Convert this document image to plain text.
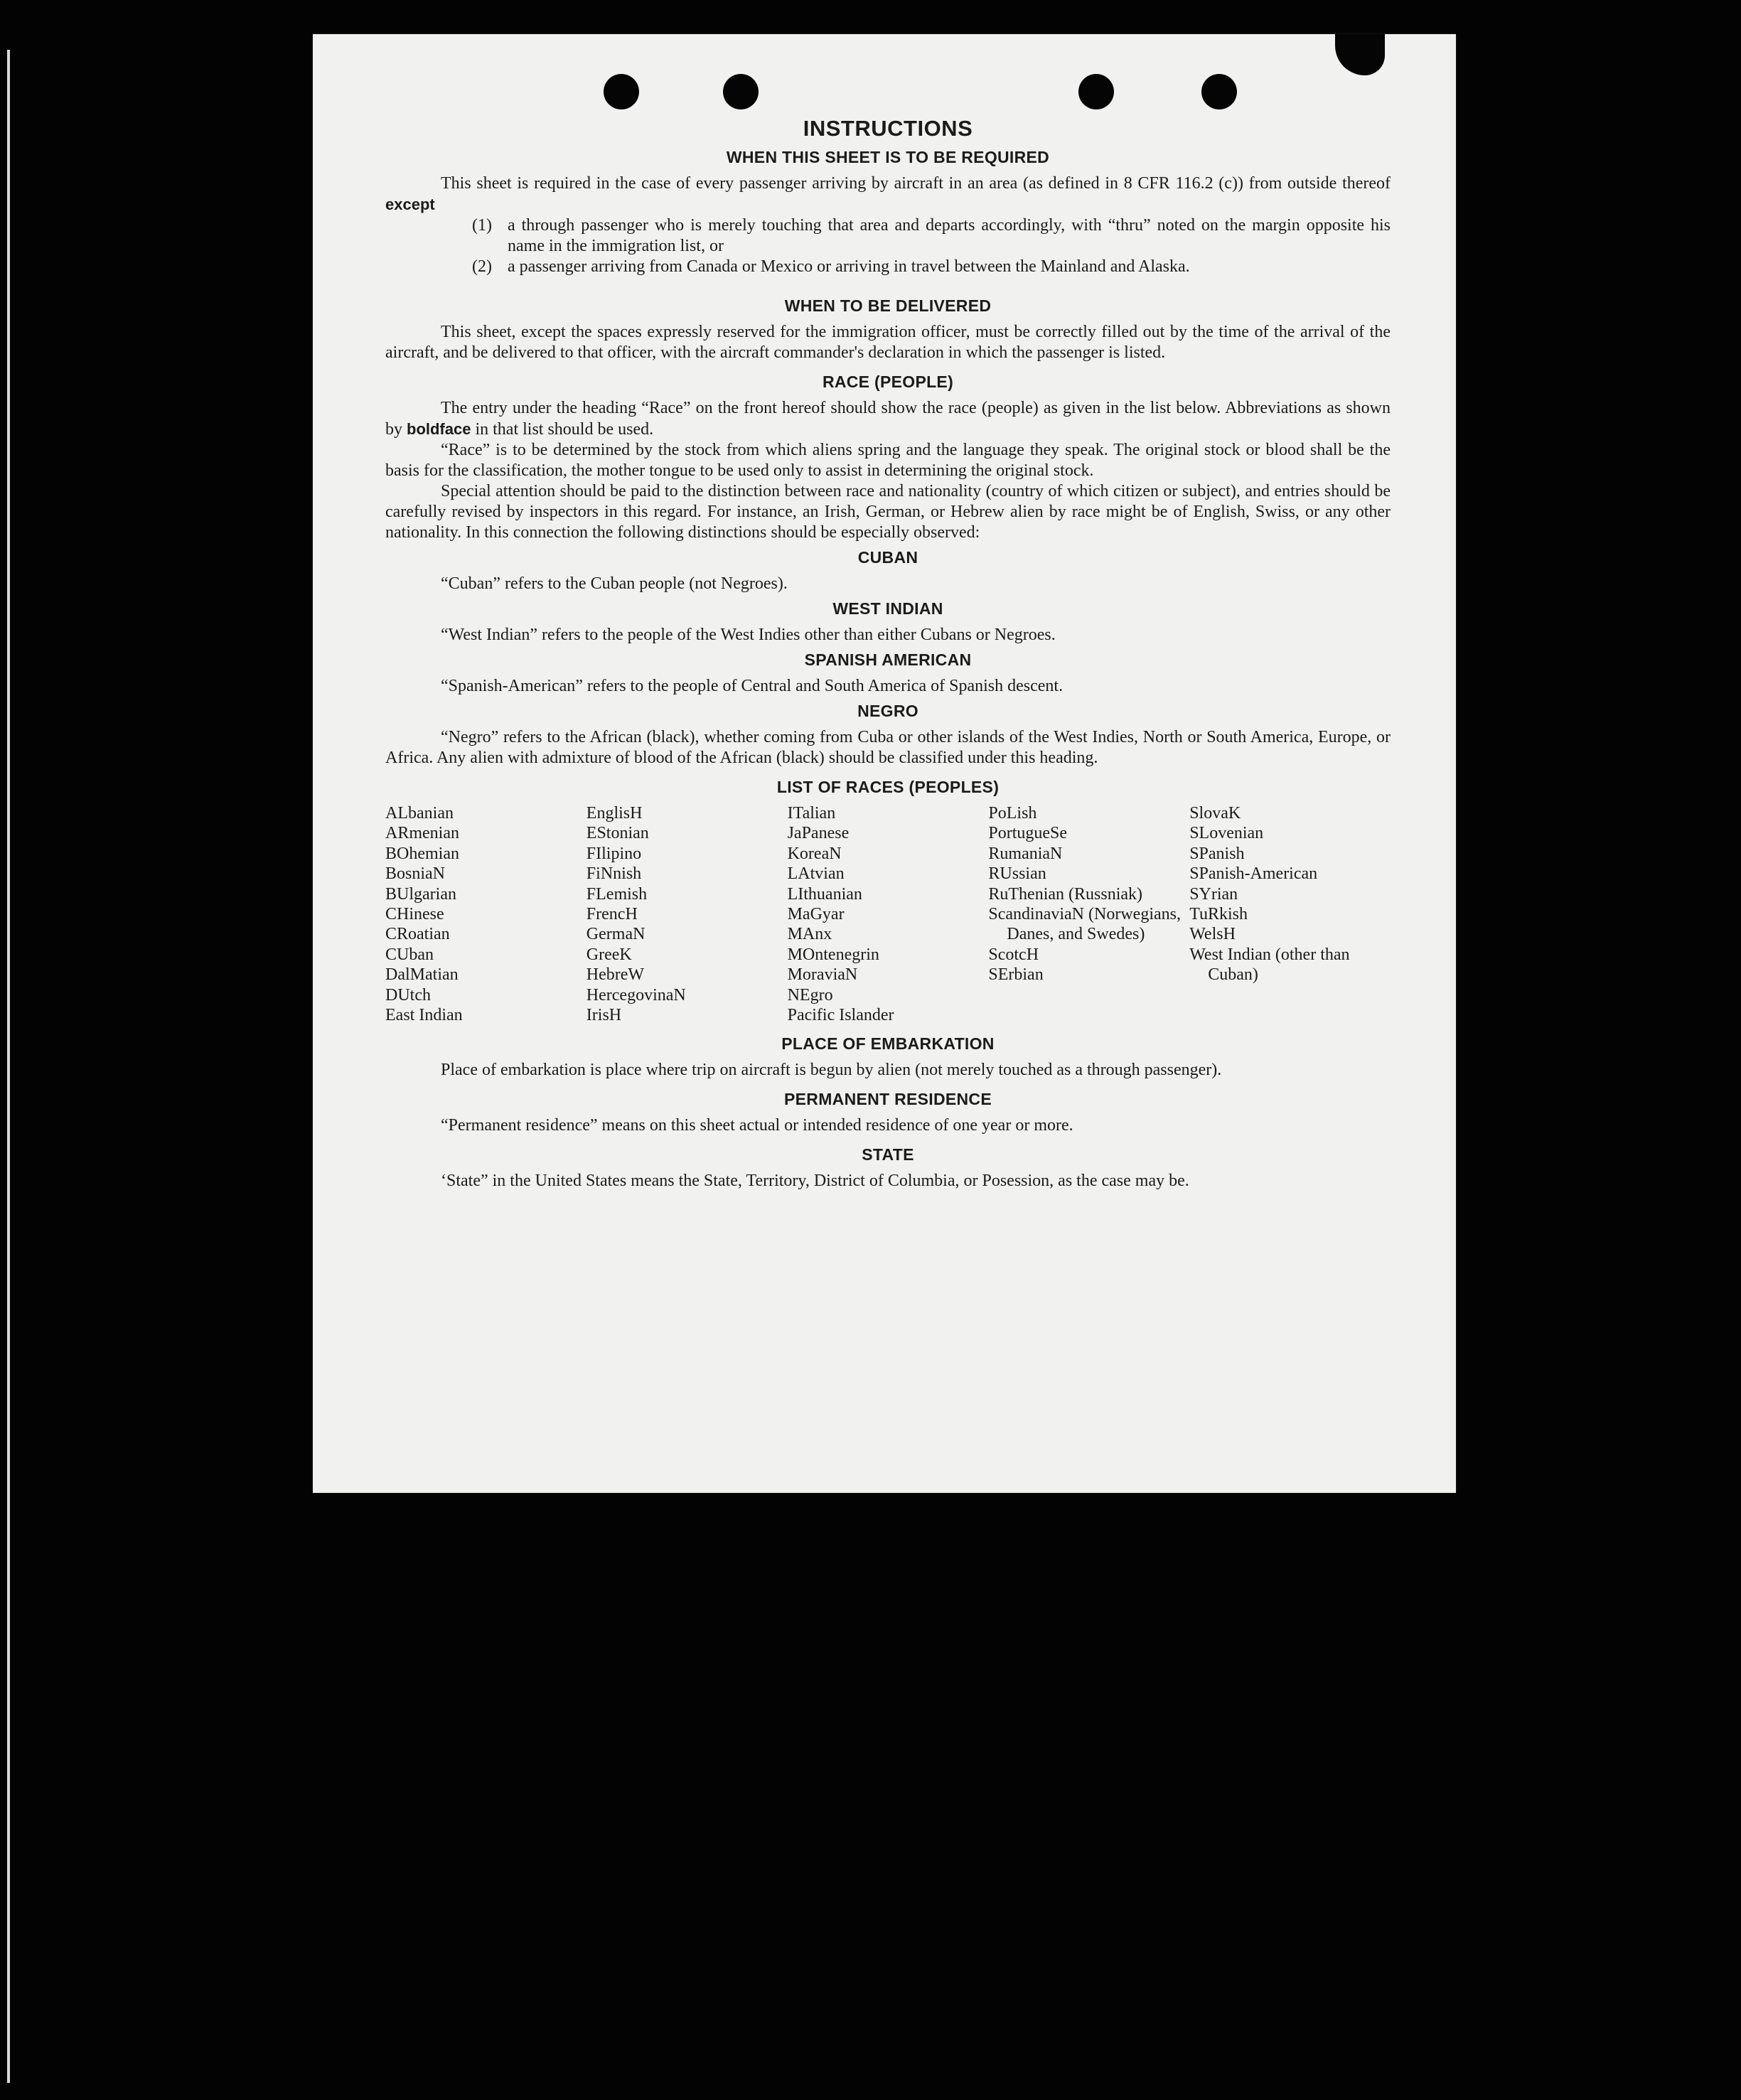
INSTRUCTIONS
WHEN THIS SHEET IS TO BE REQUIRED

This sheet is required in the case of every passenger arriving by aircraft in an area (as defined in 8 CFR 116.2 (c)) from outside thereof except

(1) a through passenger who is merely touching that area and departs accordingly, with “thru” noted on the margin opposite his name in the immigration list, or
(2) a passenger arriving from Canada or Mexico or arriving in travel between the Mainland and Alaska.
WHEN TO BE DELIVERED

This sheet, except the spaces expressly reserved for the immigration officer, must be correctly filled out by the time of the arrival of the aircraft, and be delivered to that officer, with the aircraft commander's declaration in which the passenger is listed.

RACE (PEOPLE)

The entry under the heading “Race” on the front hereof should show the race (people) as given in the list below. Abbreviations as shown by boldface in that list should be used.

“Race” is to be determined by the stock from which aliens spring and the language they speak. The original stock or blood shall be the basis for the classification, the mother tongue to be used only to assist in determining the original stock.

Special attention should be paid to the distinction between race and nationality (country of which citizen or subject), and entries should be carefully revised by inspectors in this regard. For instance, an Irish, German, or Hebrew alien by race might be of English, Swiss, or any other nationality. In this connection the following distinctions should be especially observed:

CUBAN

“Cuban” refers to the Cuban people (not Negroes).

WEST INDIAN

“West Indian” refers to the people of the West Indies other than either Cubans or Negroes.

SPANISH AMERICAN

“Spanish-American” refers to the people of Central and South America of Spanish descent.

NEGRO

“Negro” refers to the African (black), whether coming from Cuba or other islands of the West Indies, North or South America, Europe, or Africa. Any alien with admixture of blood of the African (black) should be classified under this heading.

LIST OF RACES (PEOPLES)
ALbanian
ARmenian
BOhemian
BosniaN
BUlgarian
CHinese
CRoatian
CUban
DalMatian
DUtch
East Indian
EnglisH
EStonian
FIlipino
FiNnish
FLemish
FrencH
GermaN
GreeK
HebreW
HercegovinaN
IrisH
ITalian
JaPanese
KoreaN
LAtvian
LIthuanian
MaGyar
MAnx
MOntenegrin
MoraviaN
NEgro
Pacific Islander
PoLish
PortugueSe
RumaniaN
RUssian
RuThenian (Russniak)
ScandinaviaN (Norwegians, Danes, and Swedes)
ScotcH
SErbian
SlovaK
SLovenian
SPanish
SPanish-American
SYrian
TuRkish
WelsH
West Indian (other than Cuban)
PLACE OF EMBARKATION

Place of embarkation is place where trip on aircraft is begun by alien (not merely touched as a through passenger).

PERMANENT RESIDENCE

“Permanent residence” means on this sheet actual or intended residence of one year or more.

STATE

‘State” in the United States means the State, Territory, District of Columbia, or Posession, as the case may be.
